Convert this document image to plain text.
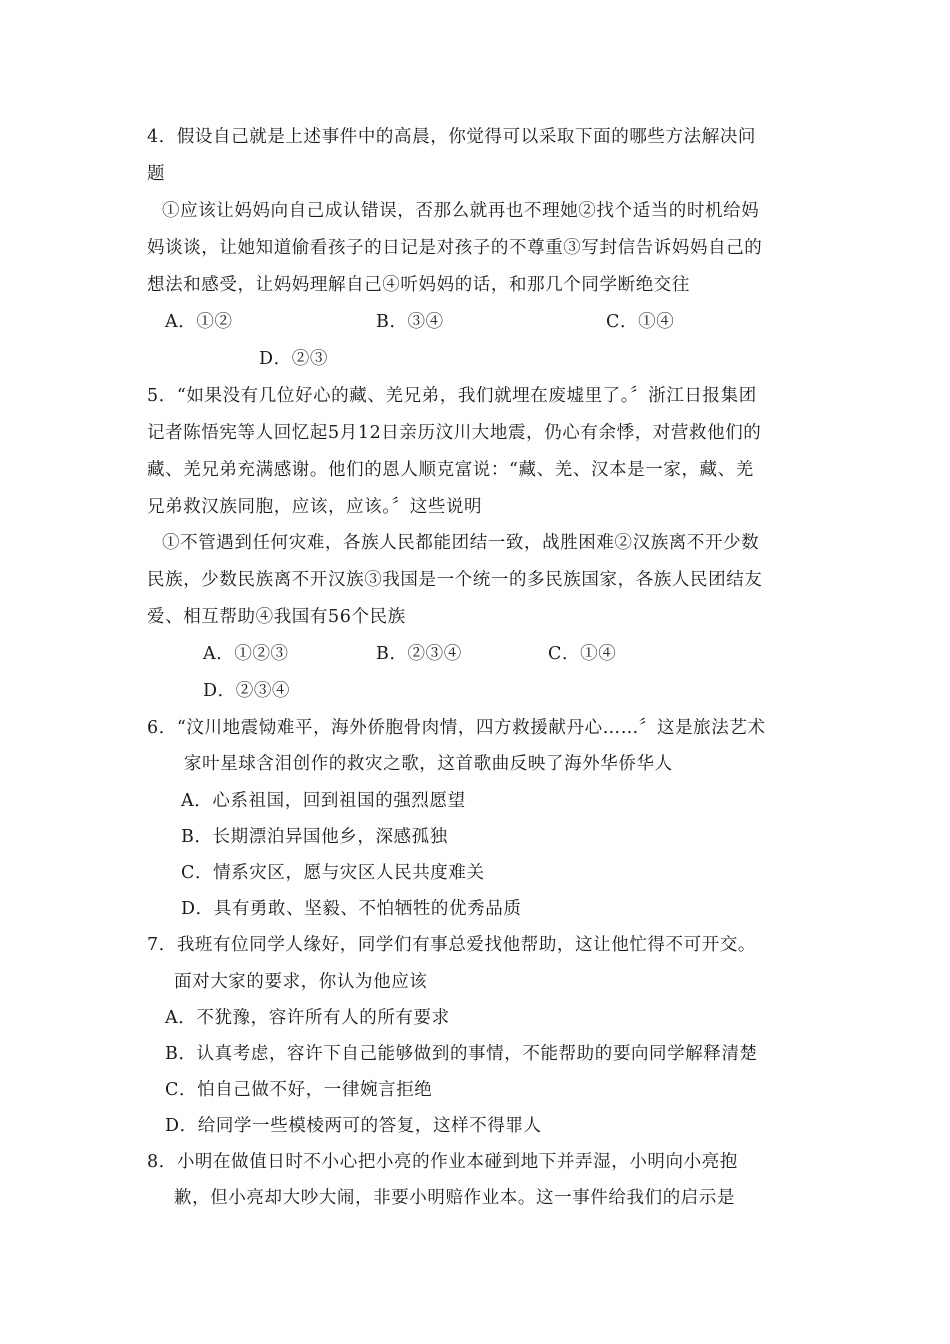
4．假设自己就是上述事件中的高晨，你觉得可以采取下面的哪些方法解决问
题
①应该让妈妈向自己成认错误，否那么就再也不理她②找个适当的时机给妈
妈谈谈，让她知道偷看孩子的日记是对孩子的不尊重③写封信告诉妈妈自己的
想法和感受，让妈妈理解自己④听妈妈的话，和那几个同学断绝交往
A．①②	B．③④	C．①④
D．②③
5．“如果没有几位好心的藏、羌兄弟，我们就埋在废墟里了。〞浙江日报集团
记者陈悟宪等人回忆起5月12日亲历汶川大地震，仍心有余悸，对营救他们的
藏、羌兄弟充满感谢。他们的恩人顺克富说：“藏、羌、汉本是一家，藏、羌
兄弟救汉族同胞，应该，应该。〞这些说明
①不管遇到任何灾难，各族人民都能团结一致，战胜困难②汉族离不开少数
民族，少数民族离不开汉族③我国是一个统一的多民族国家，各族人民团结友
爱、相互帮助④我国有56个民族
A．①②③	B．②③④	C．①④
D．②③④
6．“汶川地震恸难平，海外侨胞骨肉情，四方救援献丹心……〞这是旅法艺术
家叶星球含泪创作的救灾之歌，这首歌曲反映了海外华侨华人
A．心系祖国，回到祖国的强烈愿望
B．长期漂泊异国他乡，深感孤独
C．情系灾区，愿与灾区人民共度难关
D．具有勇敢、坚毅、不怕牺牲的优秀品质
7．我班有位同学人缘好，同学们有事总爱找他帮助，这让他忙得不可开交。
面对大家的要求，你认为他应该
A．不犹豫，容许所有人的所有要求
B．认真考虑，容许下自己能够做到的事情，不能帮助的要向同学解释清楚
C．怕自己做不好，一律婉言拒绝
D．给同学一些模棱两可的答复，这样不得罪人
8．小明在做值日时不小心把小亮的作业本碰到地下并弄湿，小明向小亮抱
歉，但小亮却大吵大闹，非要小明赔作业本。这一事件给我们的启示是
